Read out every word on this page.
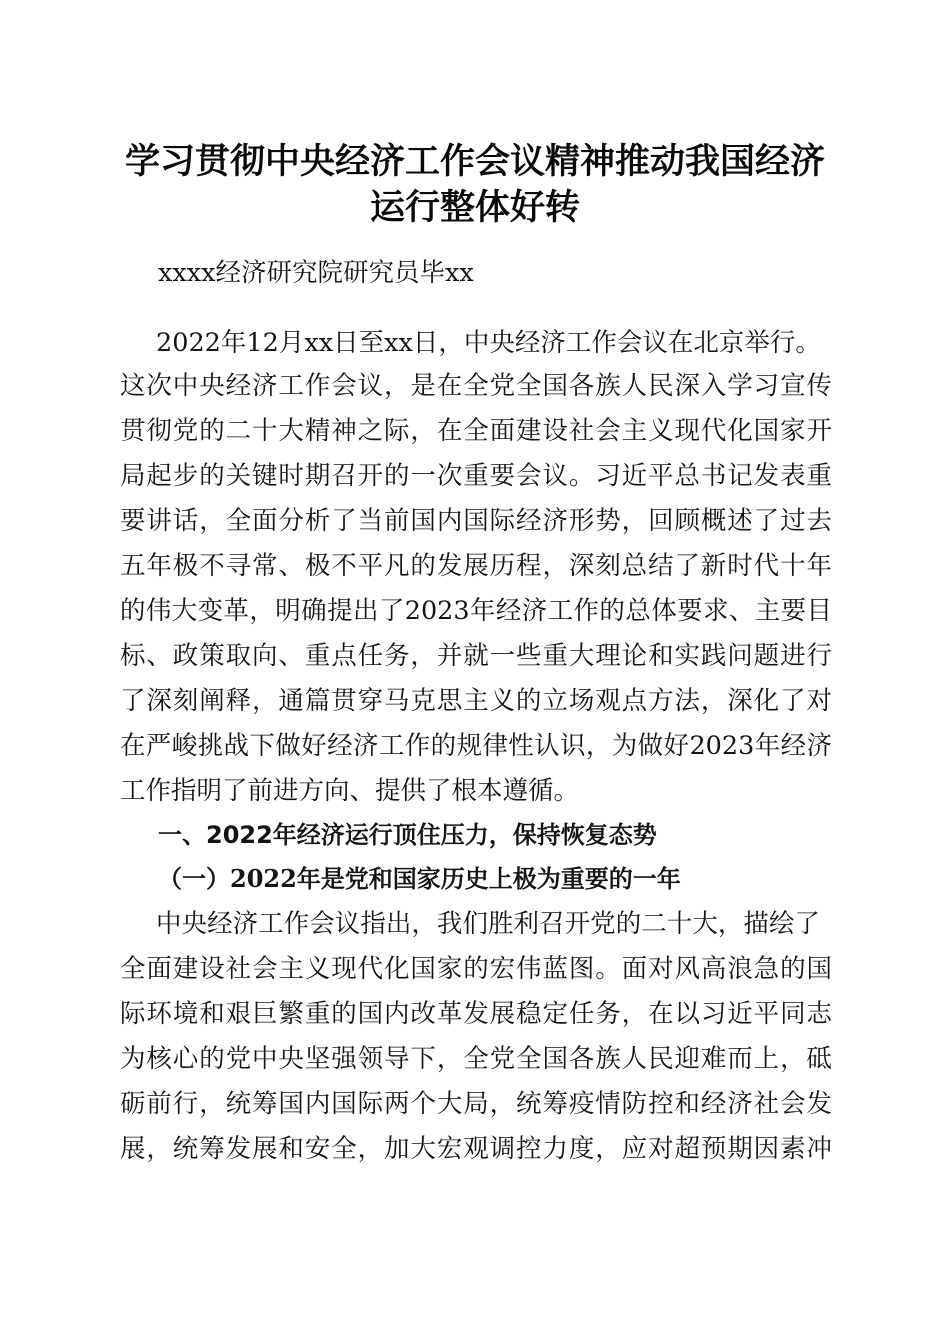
学习贯彻中央经济工作会议精神推动我国经济
运行整体好转
xxxx经济研究院研究员毕xx
2022年12月xx日至xx日，中央经济工作会议在北京举行。
这次中央经济工作会议，是在全党全国各族人民深入学习宣传
贯彻党的二十大精神之际，在全面建设社会主义现代化国家开
局起步的关键时期召开的一次重要会议。习近平总书记发表重
要讲话，全面分析了当前国内国际经济形势，回顾概述了过去
五年极不寻常、极不平凡的发展历程，深刻总结了新时代十年
的伟大变革，明确提出了2023年经济工作的总体要求、主要目
标、政策取向、重点任务，并就一些重大理论和实践问题进行
了深刻阐释，通篇贯穿马克思主义的立场观点方法，深化了对
在严峻挑战下做好经济工作的规律性认识，为做好2023年经济
工作指明了前进方向、提供了根本遵循。
一、2022年经济运行顶住压力，保持恢复态势
（一）2022年是党和国家历史上极为重要的一年
中央经济工作会议指出，我们胜利召开党的二十大，描绘了
全面建设社会主义现代化国家的宏伟蓝图。面对风高浪急的国
际环境和艰巨繁重的国内改革发展稳定任务，在以习近平同志
为核心的党中央坚强领导下，全党全国各族人民迎难而上，砥
砺前行，统筹国内国际两个大局，统筹疫情防控和经济社会发
展，统筹发展和安全，加大宏观调控力度，应对超预期因素冲
